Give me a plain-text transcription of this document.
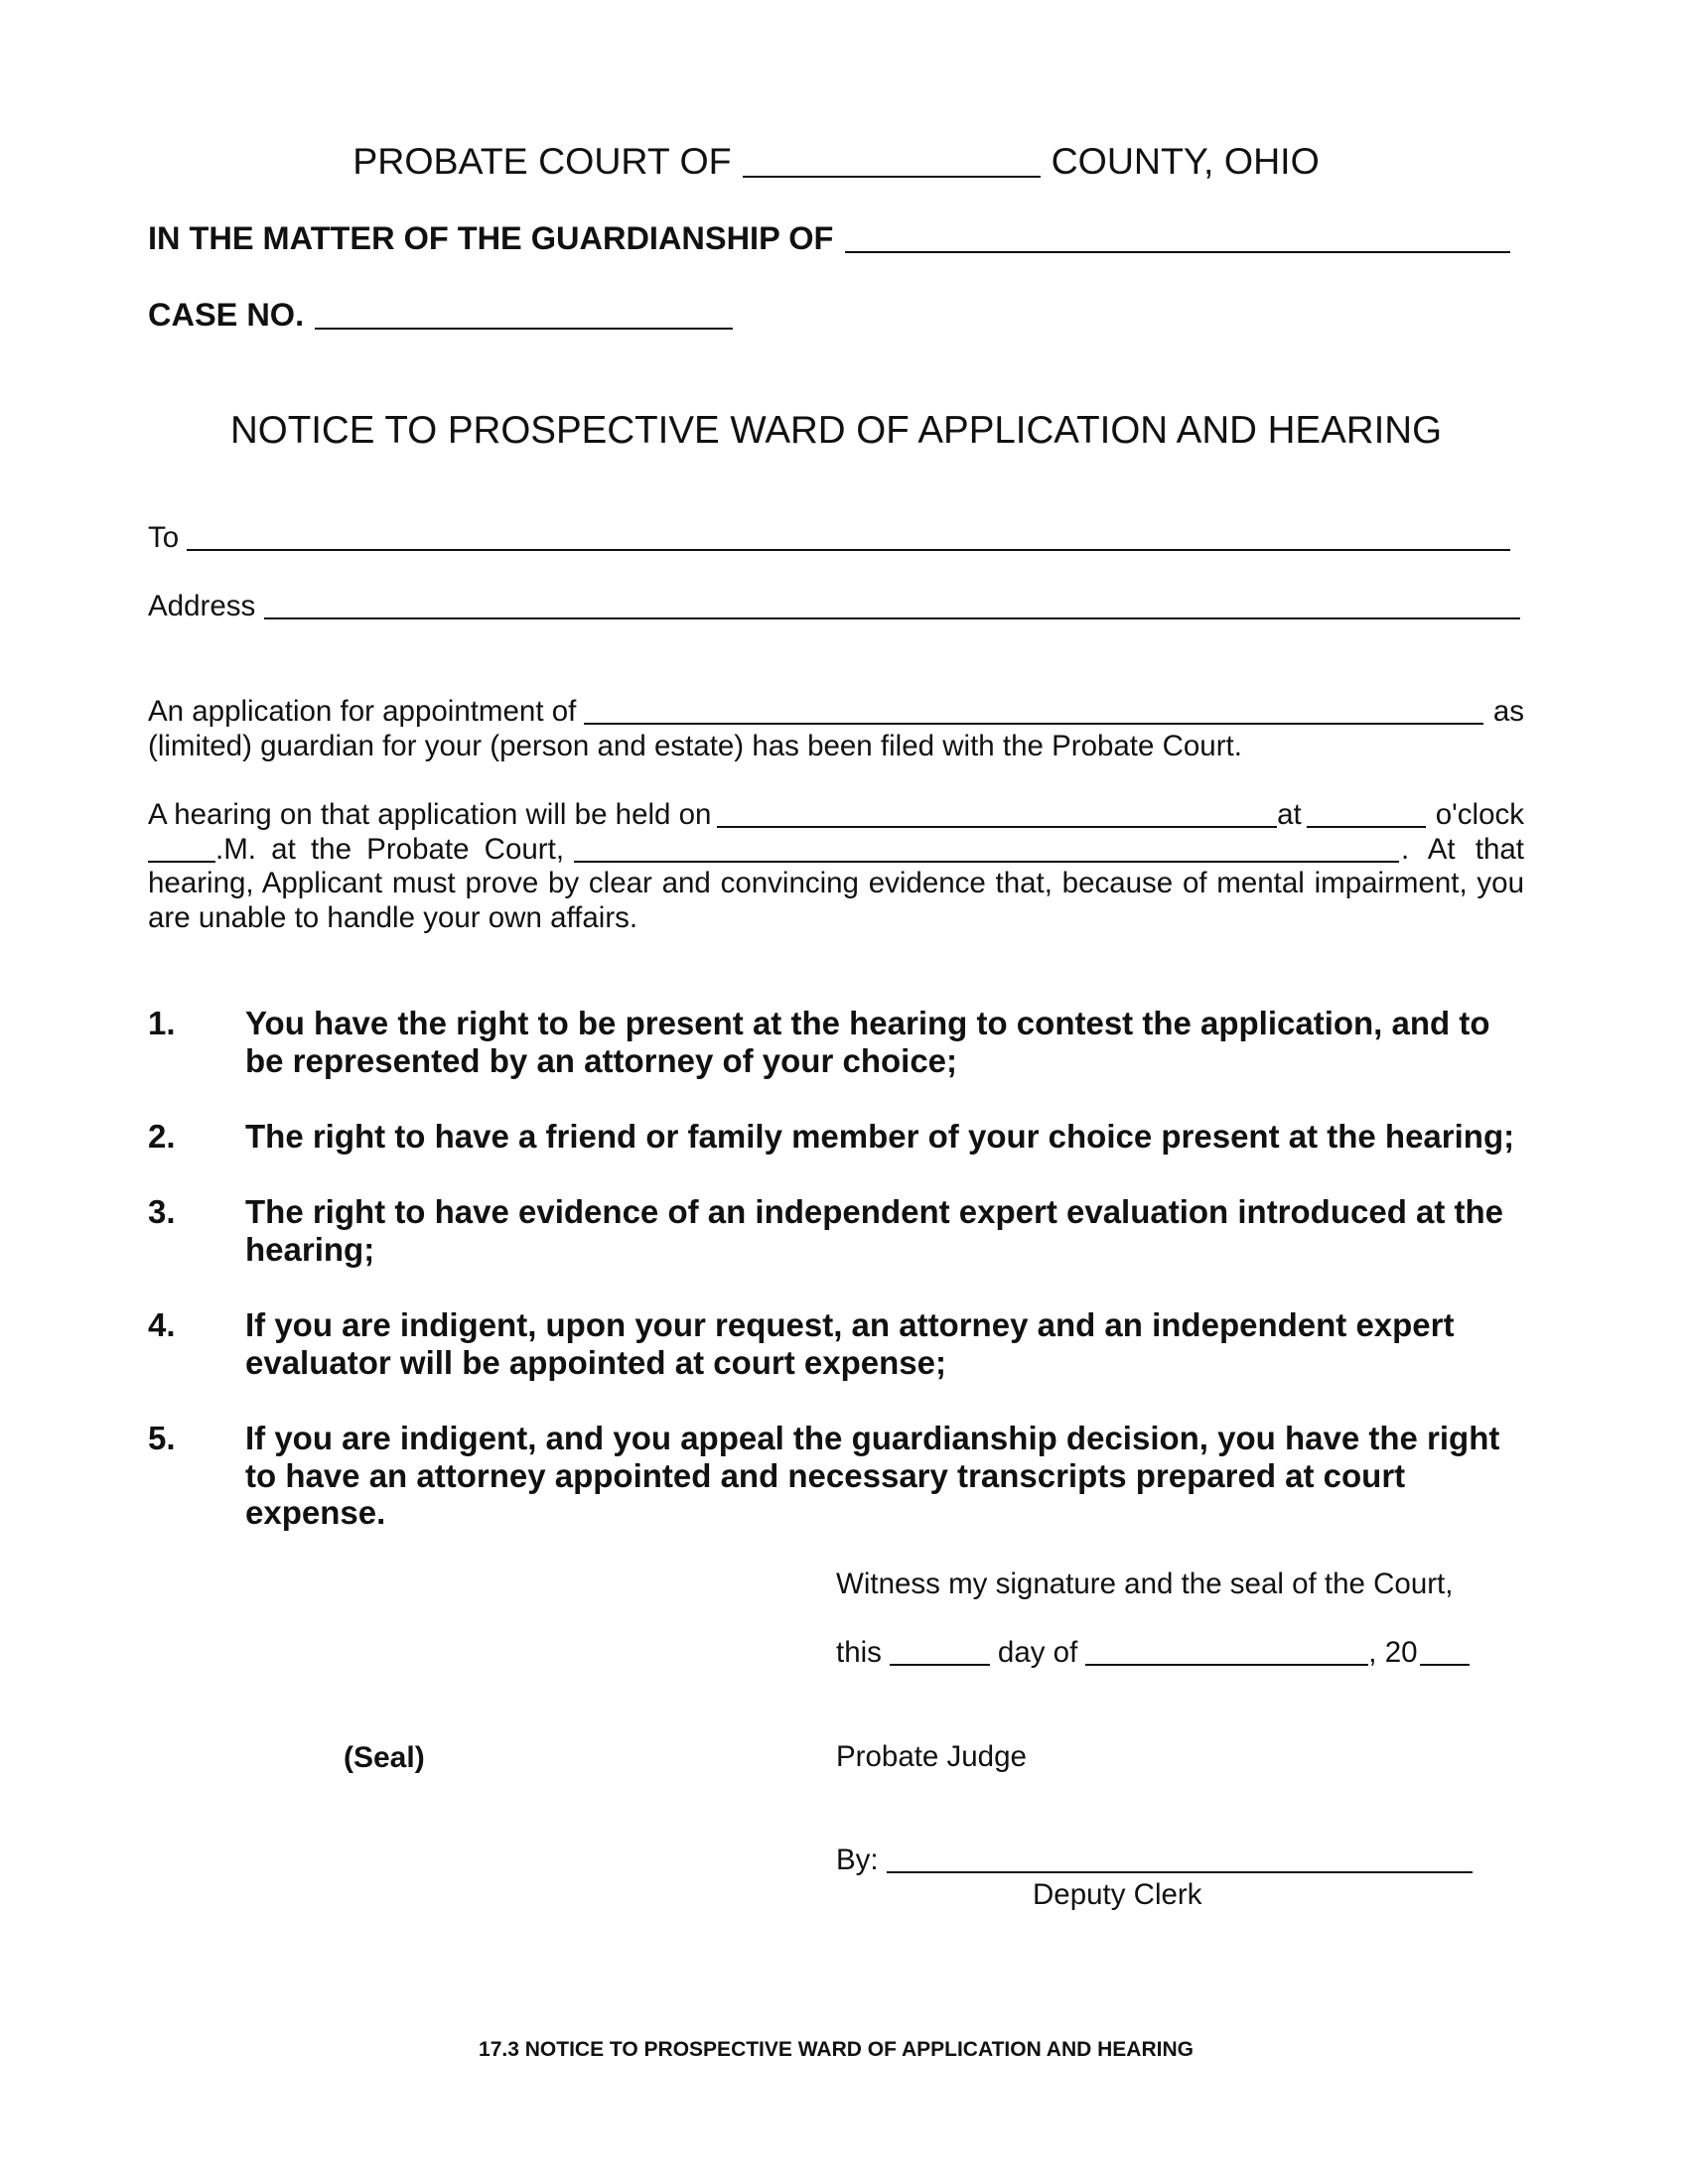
PROBATE COURT OF	COUNTY, OHIO
IN THE MATTER OF THE GUARDIANSHIP OF
CASE NO.
NOTICE TO PROSPECTIVE WARD OF APPLICATION AND HEARING
To
Address
An application for appointment of	as
(limited) guardian for your (person and estate) has been filed with the Probate Court.
A hearing on that application will be held on	at	o'clock
.M. at the Probate Court,	. At that
hearing, Applicant must prove by clear and convincing evidence that, because of mental impairment, you
are unable to handle your own affairs.
1. You have the right to be present at the hearing to contest the application, and to
be represented by an attorney of your choice;
2. The right to have a friend or family member of your choice present at the hearing;
3. The right to have evidence of an independent expert evaluation introduced at the
hearing;
4. If you are indigent, upon your request, an attorney and an independent expert
evaluator will be appointed at court expense;
5. If you are indigent, and you appeal the guardianship decision, you have the right
to have an attorney appointed and necessary transcripts prepared at court
expense.
Witness my signature and the seal of the Court,
this	day of	, 20
(Seal)	Probate Judge
By:
Deputy Clerk
17.3 NOTICE TO PROSPECTIVE WARD OF APPLICATION AND HEARING
